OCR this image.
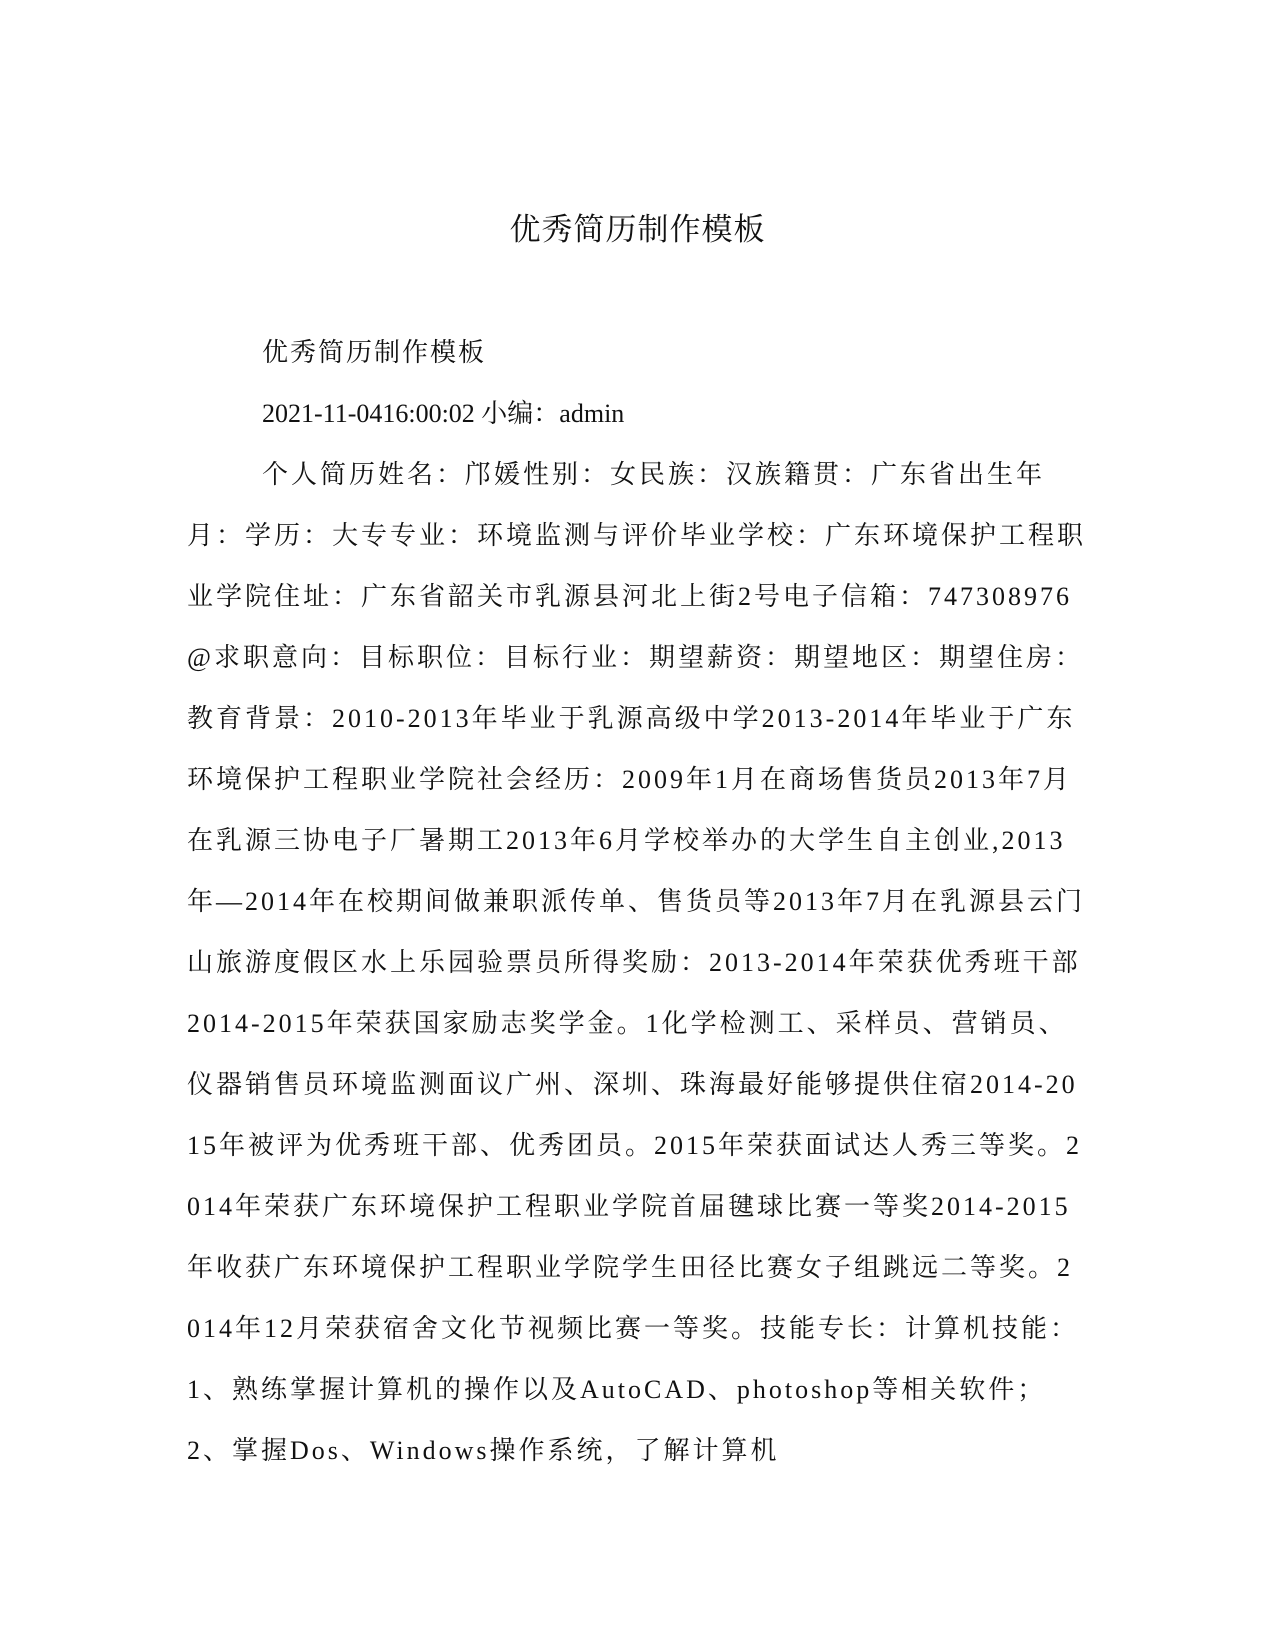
优秀简历制作模板

优秀简历制作模板

2021-11-0416:00:02 小编：admin

个人简历姓名：邝媛性别：女民族：汉族籍贯：广东省出生年月：学历：大专专业：环境监测与评价毕业学校：广东环境保护工程职业学院住址：广东省韶关市乳源县河北上街2号电子信箱：747308976@求职意向：目标职位：目标行业：期望薪资：期望地区：期望住房：教育背景：2010-2013年毕业于乳源高级中学2013-2014年毕业于广东环境保护工程职业学院社会经历：2009年1月在商场售货员2013年7月在乳源三协电子厂暑期工2013年6月学校举办的大学生自主创业,2013年—2014年在校期间做兼职派传单、售货员等2013年7月在乳源县云门山旅游度假区水上乐园验票员所得奖励：2013-2014年荣获优秀班干部2014-2015年荣获国家励志奖学金。1化学检测工、采样员、营销员、仪器销售员环境监测面议广州、深圳、珠海最好能够提供住宿2014-2015年被评为优秀班干部、优秀团员。2015年荣获面试达人秀三等奖。2014年荣获广东环境保护工程职业学院首届毽球比赛一等奖2014-2015年收获广东环境保护工程职业学院学生田径比赛女子组跳远二等奖。2014年12月荣获宿舍文化节视频比赛一等奖。技能专长：计算机技能：1、熟练掌握计算机的操作以及AutoCAD、photoshop等相关软件；2、掌握Dos、Windows操作系统，了解计算机
